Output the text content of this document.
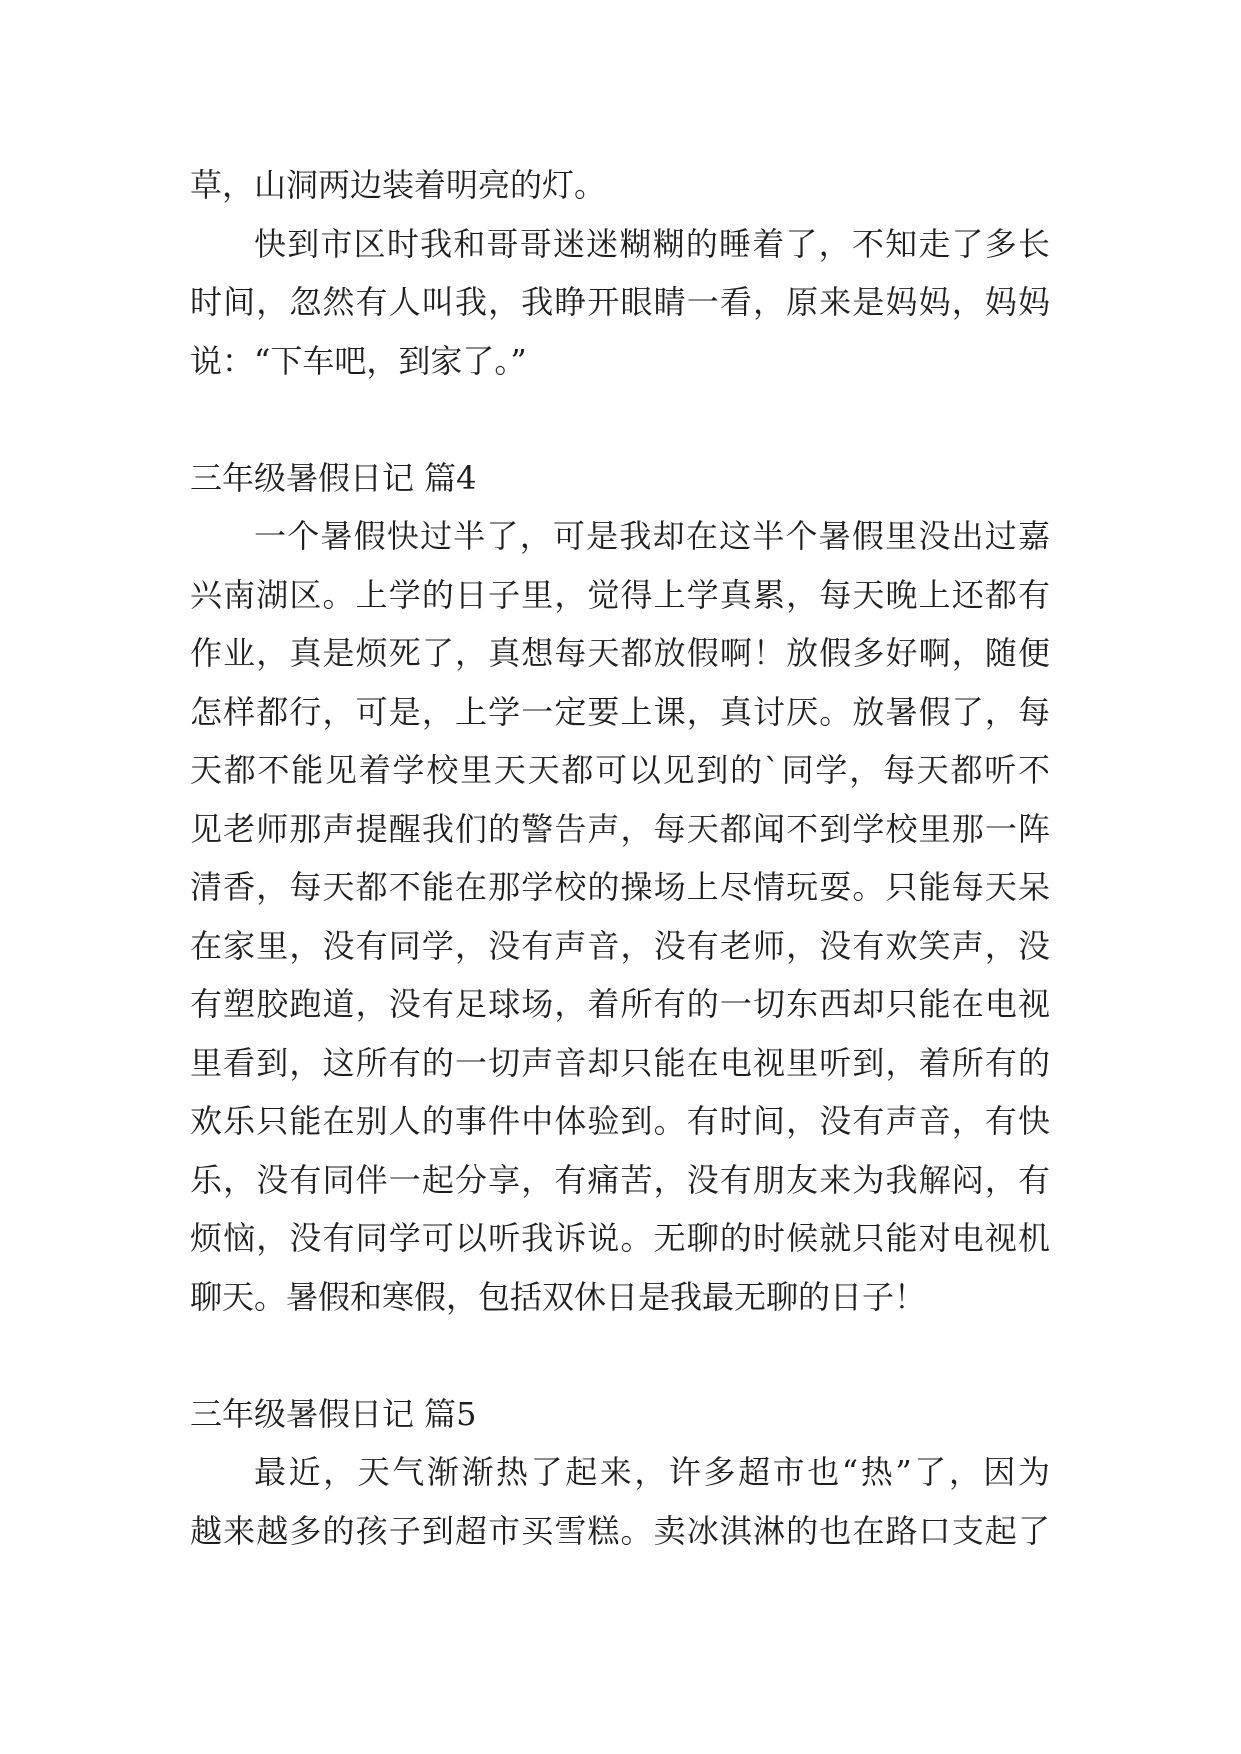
草，山洞两边装着明亮的灯。
快到市区时我和哥哥迷迷糊糊的睡着了，不知走了多长
时间，忽然有人叫我，我睁开眼睛一看，原来是妈妈，妈妈
说：“下车吧，到家了。”
三年级暑假日记 篇4
一个暑假快过半了，可是我却在这半个暑假里没出过嘉
兴南湖区。上学的日子里，觉得上学真累，每天晚上还都有
作业，真是烦死了，真想每天都放假啊！放假多好啊，随便
怎样都行，可是，上学一定要上课，真讨厌。放暑假了，每
天都不能见着学校里天天都可以见到的`同学，每天都听不
见老师那声提醒我们的警告声，每天都闻不到学校里那一阵
清香，每天都不能在那学校的操场上尽情玩耍。只能每天呆
在家里，没有同学，没有声音，没有老师，没有欢笑声，没
有塑胶跑道，没有足球场，着所有的一切东西却只能在电视
里看到，这所有的一切声音却只能在电视里听到，着所有的
欢乐只能在别人的事件中体验到。有时间，没有声音，有快
乐，没有同伴一起分享，有痛苦，没有朋友来为我解闷，有
烦恼，没有同学可以听我诉说。无聊的时候就只能对电视机
聊天。暑假和寒假，包括双休日是我最无聊的日子！
三年级暑假日记 篇5
最近，天气渐渐热了起来，许多超市也“热”了，因为
越来越多的孩子到超市买雪糕。卖冰淇淋的也在路口支起了
